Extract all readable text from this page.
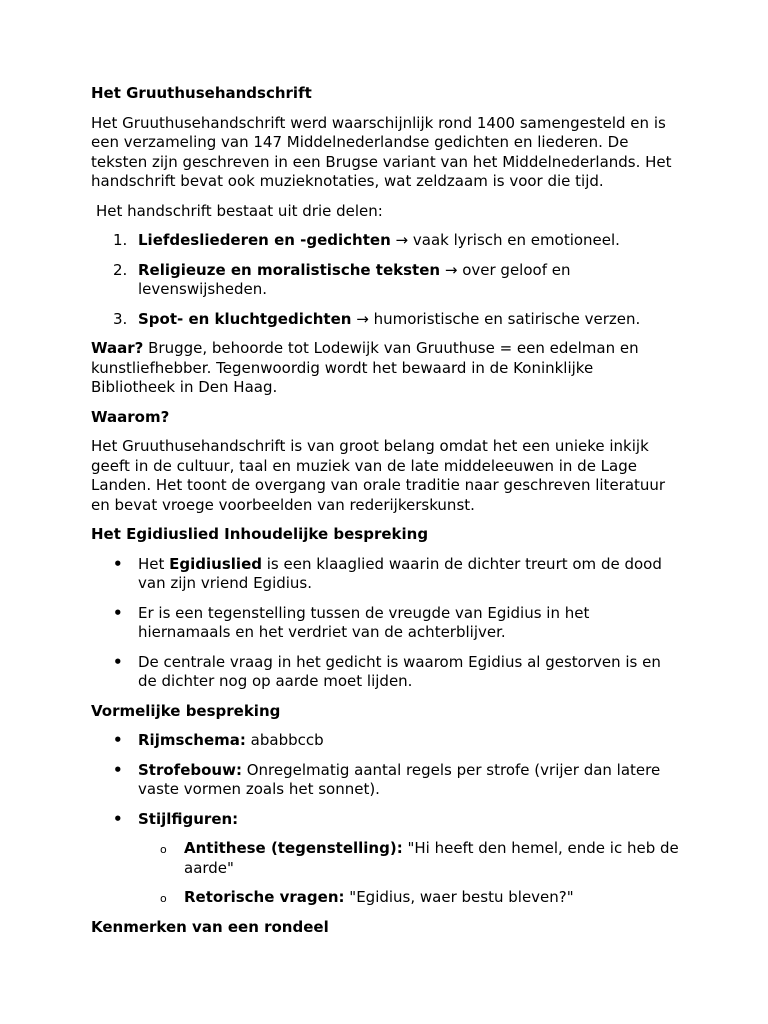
Het Gruuthusehandschrift

Het Gruuthusehandschrift werd waarschijnlijk rond 1400 samengesteld en is een verzameling van 147 Middelnederlandse gedichten en liederen. De teksten zijn geschreven in een Brugse variant van het Middelnederlands. Het handschrift bevat ook muzieknotaties, wat zeldzaam is voor die tijd.

Het handschrift bestaat uit drie delen:

1. Liefdesliederen en -gedichten → vaak lyrisch en emotioneel.
2. Religieuze en moralistische teksten → over geloof en levenswijsheden.
3. Spot- en kluchtgedichten → humoristische en satirische verzen.

Waar? Brugge, behoorde tot Lodewijk van Gruuthuse = een edelman en kunstliefhebber. Tegenwoordig wordt het bewaard in de Koninklijke Bibliotheek in Den Haag.

Waarom?

Het Gruuthusehandschrift is van groot belang omdat het een unieke inkijk geeft in de cultuur, taal en muziek van de late middeleeuwen in de Lage Landen. Het toont de overgang van orale traditie naar geschreven literatuur en bevat vroege voorbeelden van rederijkerskunst.

Het Egidiuslied Inhoudelijke bespreking
• Het Egidiuslied is een klaaglied waarin de dichter treurt om de dood van zijn vriend Egidius.
• Er is een tegenstelling tussen de vreugde van Egidius in het hiernamaals en het verdriet van de achterblijver.
• De centrale vraag in het gedicht is waarom Egidius al gestorven is en de dichter nog op aarde moet lijden.
Vormelijke bespreking
• Rijmschema: ababbccb
• Strofebouw: Onregelmatig aantal regels per strofe (vrijer dan latere vaste vormen zoals het sonnet).
• Stijlfiguren:
o Antithese (tegenstelling): "Hi heeft den hemel, ende ic heb de aarde"
o Retorische vragen: "Egidius, waer bestu bleven?"
Kenmerken van een rondeel
